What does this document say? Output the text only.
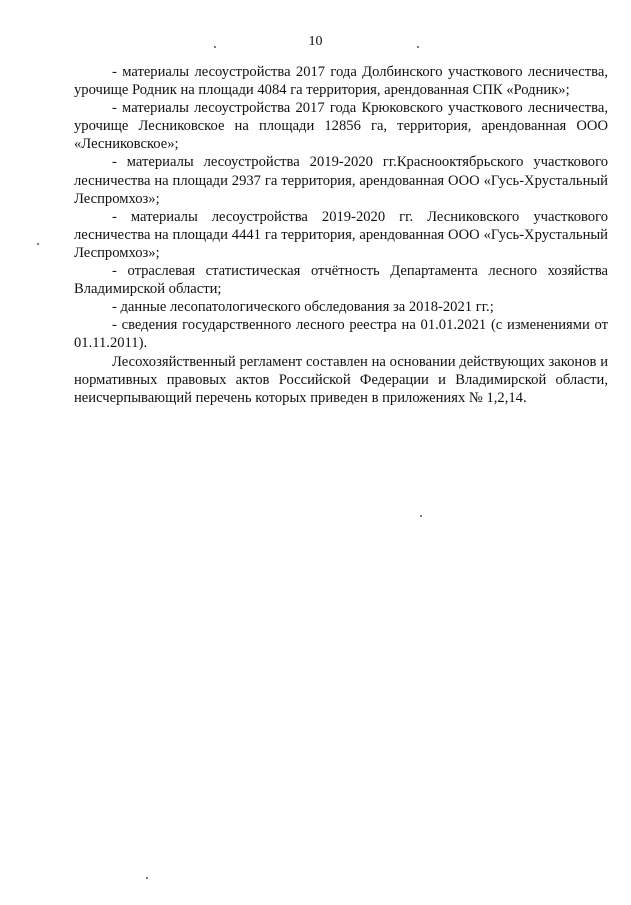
10

- материалы лесоустройства 2017 года Долбинского участкового лесничества, урочище Родник на площади 4084 га территория, арендованная СПК «Родник»;

- материалы лесоустройства 2017 года Крюковского участкового лесничества, урочище Лесниковское на площади 12856 га, территория, арендованная ООО «Лесниковское»;

- материалы лесоустройства 2019-2020 гг.Краснооктябрьского участкового лесничества на площади 2937 га территория, арендованная ООО «Гусь-Хрустальный Леспромхоз»;

- материалы лесоустройства 2019-2020 гг. Лесниковского участкового лесничества на площади 4441 га территория, арендованная ООО «Гусь-Хрустальный Леспромхоз»;

- отраслевая статистическая отчётность Департамента лесного хозяйства Владимирской области;

- данные лесопатологического обследования за 2018-2021 гг.;

- сведения государственного лесного реестра на 01.01.2021 (с изменениями от 01.11.2011).

Лесохозяйственный регламент составлен на основании действующих законов и нормативных правовых актов Российской Федерации и Владимирской области, неисчерпывающий перечень которых приведен в приложениях № 1,2,14.
